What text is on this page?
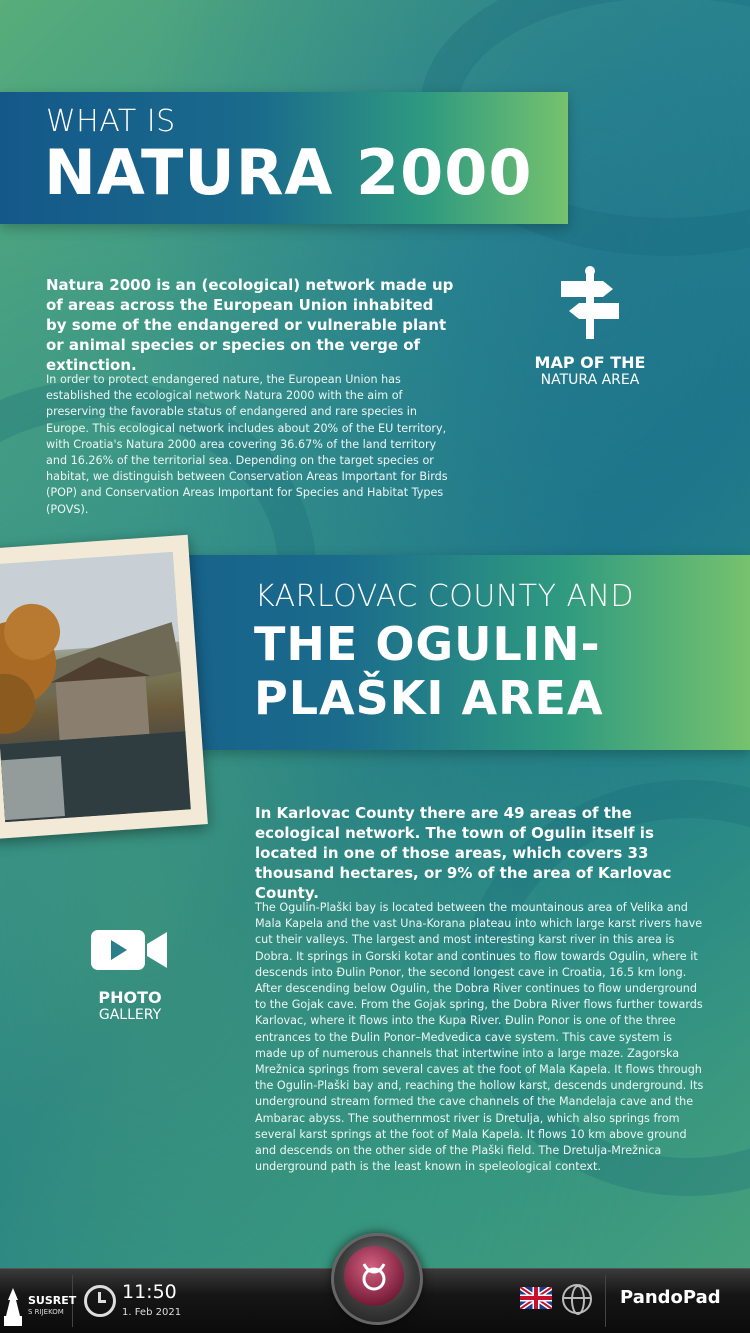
WHAT IS
NATURA 2000
Natura 2000 is an (ecological) network made up of areas across the European Union inhabited by some of the endangered or vulnerable plant or animal species or species on the verge of extinction.
In order to protect endangered nature, the European Union has established the ecological network Natura 2000 with the aim of preserving the favorable status of endangered and rare species in Europe. This ecological network includes about 20% of the EU territory, with Croatia's Natura 2000 area covering 36.67% of the land territory and 16.26% of the territorial sea. Depending on the target species or habitat, we distinguish between Conservation Areas Important for Birds (POP) and Conservation Areas Important for Species and Habitat Types (POVS).
MAP OF THE
NATURA AREA
KARLOVAC COUNTY AND
THE OGULIN-
PLAŠKI AREA
In Karlovac County there are 49 areas of the ecological network. The town of Ogulin itself is located in one of those areas, which covers 33 thousand hectares, or 9% of the area of Karlovac County.
The Ogulin-Plaški bay is located between the mountainous area of Velika and Mala Kapela and the vast Una-Korana plateau into which large karst rivers have cut their valleys. The largest and most interesting karst river in this area is Dobra. It springs in Gorski kotar and continues to flow towards Ogulin, where it descends into Đulin Ponor, the second longest cave in Croatia, 16.5 km long. After descending below Ogulin, the Dobra River continues to flow underground to the Gojak cave. From the Gojak spring, the Dobra River flows further towards Karlovac, where it flows into the Kupa River. Đulin Ponor is one of the three entrances to the Đulin Ponor–Medvedica cave system. This cave system is made up of numerous channels that intertwine into a large maze. Zagorska Mrežnica springs from several caves at the foot of Mala Kapela. It flows through the Ogulin-Plaški bay and, reaching the hollow karst, descends underground. Its underground stream formed the cave channels of the Mandelaja cave and the Ambarac abyss. The southernmost river is Dretulja, which also springs from several karst springs at the foot of Mala Kapela. It flows 10 km above ground and descends on the other side of the Plaški field. The Dretulja-Mrežnica underground path is the least known in speleological context.
PHOTO
GALLERY
11:50
1. Feb 2021
SUSRET
S RIJEKOM
PandoPad
